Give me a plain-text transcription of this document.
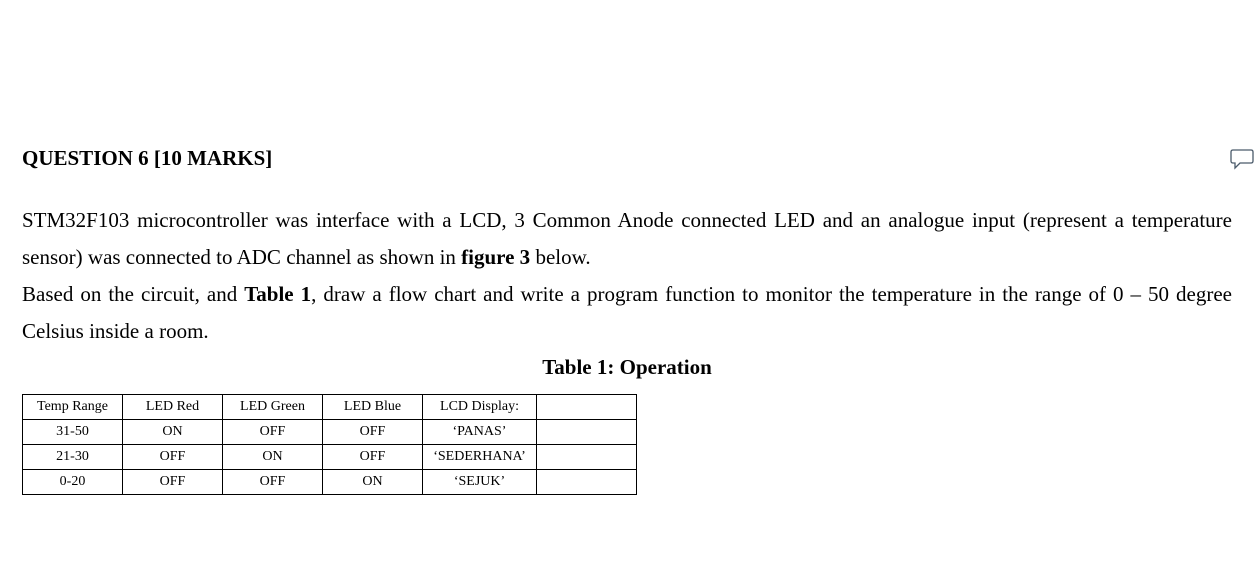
QUESTION 6 [10 MARKS]

STM32F103 microcontroller was interface with a LCD, 3 Common Anode connected LED and an analogue input (represent a temperature sensor) was connected to ADC channel as shown in figure 3 below.

Based on the circuit, and Table 1, draw a flow chart and write a program function to monitor the temperature in the range of 0 – 50 degree Celsius inside a room.

Table 1: Operation
Temp Range	LED Red	LED Green	LED Blue	LCD Display:	
31-50	ON	OFF	OFF	‘PANAS’	
21-30	OFF	ON	OFF	‘SEDERHANA’	
0-20	OFF	OFF	ON	‘SEJUK’	
